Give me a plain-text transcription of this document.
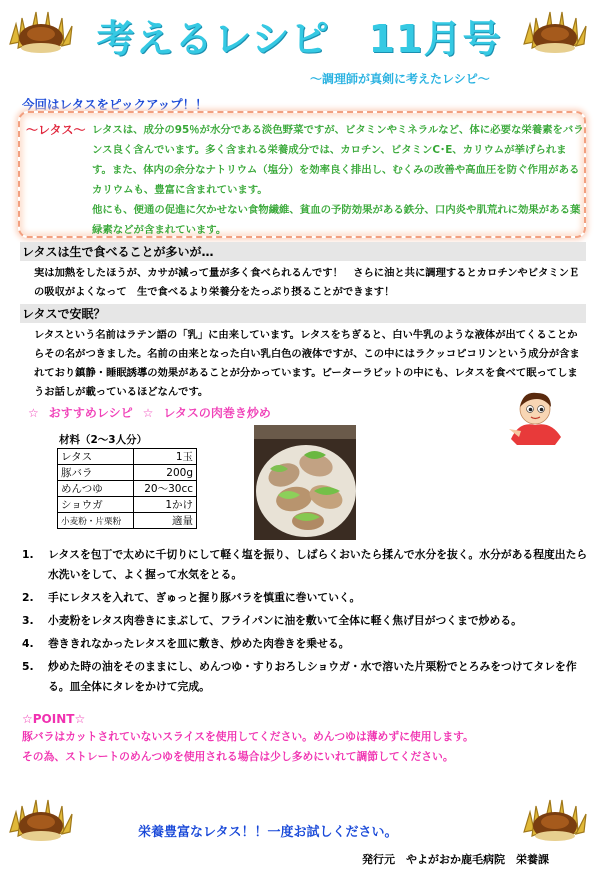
考えるレシピ　11月号
～調理師が真剣に考えたレシピ～
今回はレタスをピックアップ！！
～レタス～ レタスは、成分の95％が水分である淡色野菜ですが、ビタミンやミネラルなど、体に必要な栄養素をバランス良く含んでいます。多く含まれる栄養成分では、カロチン、ビタミンC･E、カリウムが挙げられます。また、体内の余分なナトリウム（塩分）を効率良く排出し、むくみの改善や高血圧を防ぐ作用があるカリウムも、豊富に含まれています。

他にも、便通の促進に欠かせない食物繊維、貧血の予防効果がある鉄分、口内炎や肌荒れに効果がある葉緑素などが含まれています。

レタスは生で食べることが多いが…
実は加熱をしたほうが、カサが減って量が多く食べられるんです！　さらに油と共に調理するとカロチンやビタミンＥの吸収がよくなって　生で食べるより栄養分をたっぷり摂ることができます！
レタスで安眠？
レタスという名前はラテン語の「乳」に由来しています。レタスをちぎると、白い牛乳のような液体が出てくることからその名がつきました。名前の由来となった白い乳白色の液体ですが、この中にはラクッコピコリンという成分が含まれており鎮静・睡眠誘導の効果があることが分かっています。ピーターラビットの中にも、レタスを食べて眠ってしまうお話しが載っているほどなんです。
☆ おすすめレシピ ☆ レタスの肉巻き炒め
材料（2～3人分）
レタス	1玉
豚バラ	200g
めんつゆ	20～30cc
ショウガ	1かけ
小麦粉・片栗粉	適量
1. レタスを包丁で太めに千切りにして軽く塩を振り、しばらくおいたら揉んで水分を抜く。水分がある程度出たら水洗いをして、よく握って水気をとる。
2. 手にレタスを入れて、ぎゅっと握り豚バラを慎重に巻いていく。
3. 小麦粉をレタス肉巻きにまぶして、フライパンに油を敷いて全体に軽く焦げ目がつくまで炒める。
4. 巻ききれなかったレタスを皿に敷き、炒めた肉巻きを乗せる。
5. 炒めた時の油をそのままにし、めんつゆ・すりおろしショウガ・水で溶いた片栗粉でとろみをつけてタレを作る。皿全体にタレをかけて完成。
☆POINT☆
豚バラはカットされていないスライスを使用してください。めんつゆは薄めずに使用します。
その為、ストレートのめんつゆを使用される場合は少し多めにいれて調節してください。
栄養豊富なレタス！！一度お試しください。
発行元　やよがおか鹿毛病院　栄養課
